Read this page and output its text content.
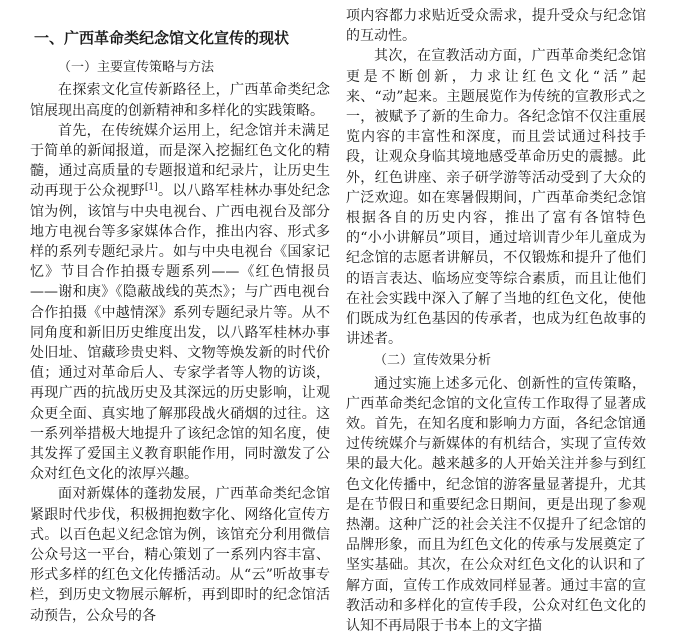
一、广西革命类纪念馆文化宣传的现状
（一）主要宣传策略与方法

在探索文化宣传新路径上，广西革命类纪念馆展现出高度的创新精神和多样化的实践策略。

首先，在传统媒介运用上，纪念馆并未满足于简单的新闻报道，而是深入挖掘红色文化的精髓，通过高质量的专题报道和纪录片，让历史生动再现于公众视野[1]。以八路军桂林办事处纪念馆为例，该馆与中央电视台、广西电视台及部分地方电视台等多家媒体合作，推出内容、形式多样的系列专题纪录片。如与中央电视台《国家记忆》节目合作拍摄专题系列——《红色情报员——谢和庚》《隐蔽战线的英杰》；与广西电视台合作拍摄《中越情深》系列专题纪录片等。从不同角度和新旧历史维度出发，以八路军桂林办事处旧址、馆藏珍贵史料、文物等焕发新的时代价值；通过对革命后人、专家学者等人物的访谈，再现广西的抗战历史及其深远的历史影响，让观众更全面、真实地了解那段战火硝烟的过往。这一系列举措极大地提升了该纪念馆的知名度，使其发挥了爱国主义教育职能作用，同时激发了公众对红色文化的浓厚兴趣。

面对新媒体的蓬勃发展，广西革命类纪念馆紧跟时代步伐，积极拥抱数字化、网络化宣传方式。以百色起义纪念馆为例，该馆充分利用微信公众号这一平台，精心策划了一系列内容丰富、形式多样的红色文化传播活动。从“云”听故事专栏，到历史文物展示解析，再到即时的纪念馆活动预告，公众号的各

项内容都力求贴近受众需求，提升受众与纪念馆的互动性。

其次，在宣教活动方面，广西革命类纪念馆更是不断创新，力求让红色文化“活”起来、“动”起来。主题展览作为传统的宣教形式之一，被赋予了新的生命力。各纪念馆不仅注重展览内容的丰富性和深度，而且尝试通过科技手段，让观众身临其境地感受革命历史的震撼。此外，红色讲座、亲子研学游等活动受到了大众的广泛欢迎。如在寒暑假期间，广西革命类纪念馆根据各自的历史内容，推出了富有各馆特色的“小小讲解员”项目，通过培训青少年儿童成为纪念馆的志愿者讲解员，不仅锻炼和提升了他们的语言表达、临场应变等综合素质，而且让他们在社会实践中深入了解了当地的红色文化，使他们既成为红色基因的传承者，也成为红色故事的讲述者。

（二）宣传效果分析

通过实施上述多元化、创新性的宣传策略，广西革命类纪念馆的文化宣传工作取得了显著成效。首先，在知名度和影响力方面，各纪念馆通过传统媒介与新媒体的有机结合，实现了宣传效果的最大化。越来越多的人开始关注并参与到红色文化传播中，纪念馆的游客量显著提升，尤其是在节假日和重要纪念日期间，更是出现了参观热潮。这种广泛的社会关注不仅提升了纪念馆的品牌形象，而且为红色文化的传承与发展奠定了坚实基础。其次，在公众对红色文化的认识和了解方面，宣传工作成效同样显著。通过丰富的宣教活动和多样化的宣传手段，公众对红色文化的认知不再局限于书本上的文字描
